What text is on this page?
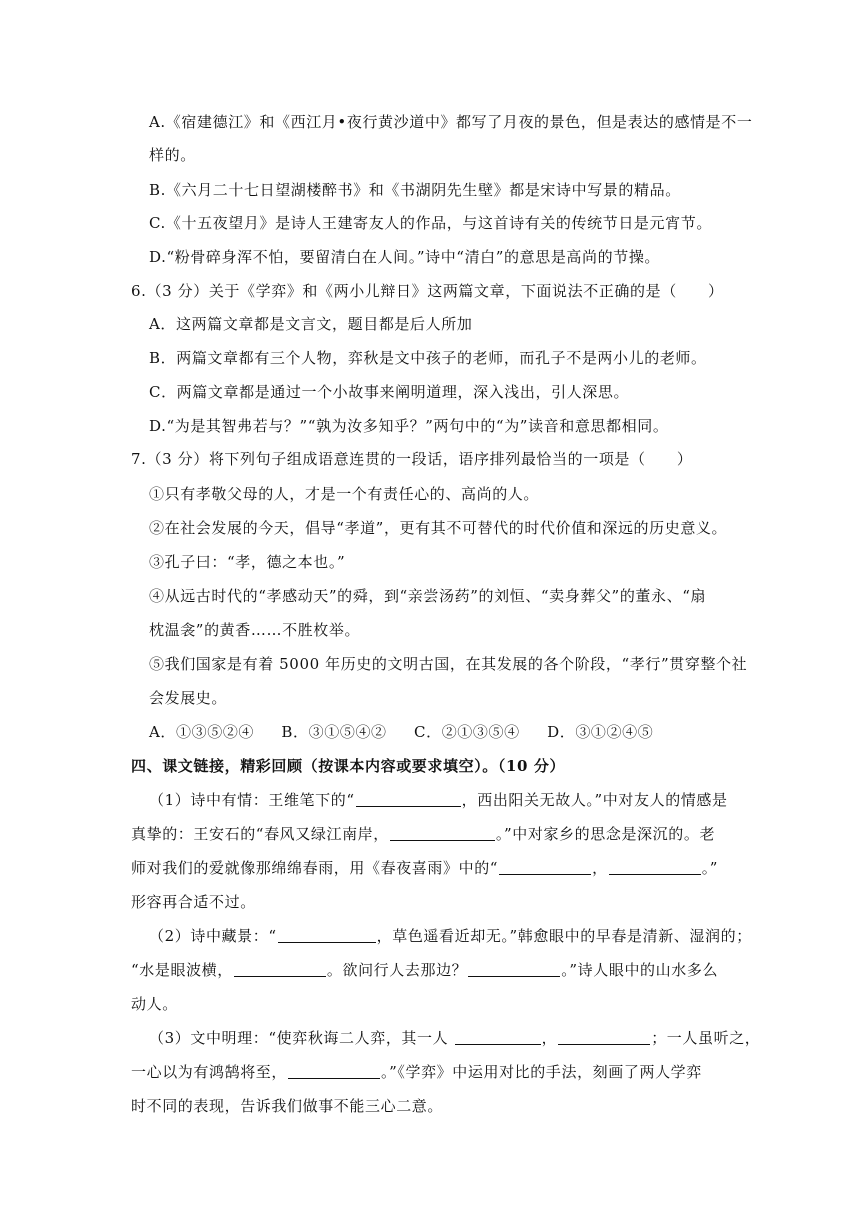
A.《宿建德江》和《西江月•夜行黄沙道中》都写了月夜的景色，但是表达的感情是不一
样的。
B.《六月二十七日望湖楼醉书》和《书湖阴先生壁》都是宋诗中写景的精品。
C.《十五夜望月》是诗人王建寄友人的作品，与这首诗有关的传统节日是元宵节。
D.“粉骨碎身浑不怕，要留清白在人间。”诗中“清白”的意思是高尚的节操。
6.（3 分）关于《学弈》和《两小儿辩日》这两篇文章，下面说法不正确的是（　　）
A．这两篇文章都是文言文，题目都是后人所加
B．两篇文章都有三个人物，弈秋是文中孩子的老师，而孔子不是两小儿的老师。
C．两篇文章都是通过一个小故事来阐明道理，深入浅出，引人深思。
D.“为是其智弗若与？”“孰为汝多知乎？”两句中的“为”读音和意思都相同。
7.（3 分）将下列句子组成语意连贯的一段话，语序排列最恰当的一项是（　　）
①只有孝敬父母的人，才是一个有责任心的、高尚的人。
②在社会发展的今天，倡导“孝道”，更有其不可替代的时代价值和深远的历史意义。
③孔子曰：“孝，德之本也。”
④从远古时代的“孝感动天”的舜，到“亲尝汤药”的刘恒、“卖身葬父”的董永、“扇
枕温衾”的黄香……不胜枚举。
⑤我们国家是有着 5000 年历史的文明古国，在其发展的各个阶段，“孝行”贯穿整个社
会发展史。
A．①③⑤②④ B．③①⑤④② C．②①③⑤④ D．③①②④⑤
四、课文链接，精彩回顾（按课本内容或要求填空）。（10 分）
（1）诗中有情：王维笔下的“	，西出阳关无故人。”中对友人的情感是
真挚的：王安石的“春风又绿江南岸，	。”中对家乡的思念是深沉的。老
师对我们的爱就像那绵绵春雨，用《春夜喜雨》中的“	，	。”
形容再合适不过。
（2）诗中藏景：“	，草色遥看近却无。”韩愈眼中的早春是清新、湿润的；
“水是眼波横，	。欲问行人去那边？	。”诗人眼中的山水多么
动人。
（3）文中明理：“使弈秋诲二人弈，其一人	，	；一人虽听之，
一心以为有鸿鹄将至，	。”《学弈》中运用对比的手法，刻画了两人学弈
时不同的表现，告诉我们做事不能三心二意。
